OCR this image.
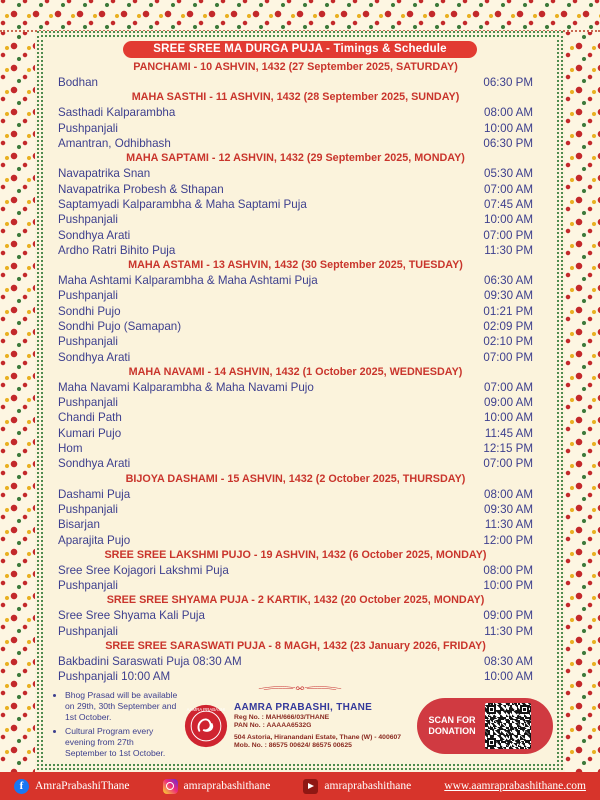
SREE SREE MA DURGA PUJA - Timings & Schedule
PANCHAMI - 10 ASHVIN, 1432 (27 September 2025, SATURDAY)
Bodhan	06:30 PM
MAHA SASTHI - 11 ASHVIN, 1432 (28 September 2025, SUNDAY)
Sasthadi Kalparambha	08:00 AM
Pushpanjali	10:00 AM
Amantran, Odhibhash	06:30 PM
MAHA SAPTAMI - 12 ASHVIN, 1432 (29 September 2025, MONDAY)
Navapatrika Snan	05:30 AM
Navapatrika Probesh & Sthapan	07:00 AM
Saptamyadi Kalparambha & Maha Saptami Puja	07:45 AM
Pushpanjali	10:00 AM
Sondhya Arati	07:00 PM
Ardho Ratri Bihito Puja	11:30 PM
MAHA ASTAMI - 13 ASHVIN, 1432 (30 September 2025, TUESDAY)
Maha Ashtami Kalparambha & Maha Ashtami Puja	06:30 AM
Pushpanjali	09:30 AM
Sondhi Pujo	01:21 PM
Sondhi Pujo (Samapan)	02:09 PM
Pushpanjali	02:10 PM
Sondhya Arati	07:00 PM
MAHA NAVAMI - 14 ASHVIN, 1432 (1 October 2025, WEDNESDAY)
Maha Navami Kalparambha & Maha Navami Pujo	07:00 AM
Pushpanjali	09:00 AM
Chandi Path	10:00 AM
Kumari Pujo	11:45 AM
Hom	12:15 PM
Sondhya Arati	07:00 PM
BIJOYA DASHAMI - 15 ASHVIN, 1432 (2 October 2025, THURSDAY)
Dashami Puja	08:00 AM
Pushpanjali	09:30 AM
Bisarjan	11:30 AM
Aparajita Pujo	12:00 PM
SREE SREE LAKSHMI PUJO - 19 ASHVIN, 1432 (6 October 2025, MONDAY)
Sree Sree Kojagori Lakshmi Puja	08:00 PM
Pushpanjali	10:00 PM
SREE SREE SHYAMA PUJA - 2 KARTIK, 1432 (20 October 2025, MONDAY)
Sree Sree Shyama Kali Puja	09:00 PM
Pushpanjali	11:30 PM
SREE SREE SARASWATI PUJA - 8 MAGH, 1432 (23 January 2026, FRIDAY)
Bakbadini Saraswati Puja 08:30 AM	08:30 AM
Pushpanjali 10:00 AM	10:00 AM
• Bhog Prasad will be available on 29th, 30th September and 1st October.
• Cultural Program every evening from 27th September to 1st October.
AAMRA PRABASHI AAMRA PRABASHI, THANE
Reg No. : MAH/666/03/THANE
PAN No. : AAAAA6532G
504 Astoria, Hiranandani Estate, Thane (W) - 400607
Mob. No. : 86575 00624/ 86575 00625
SCAN FOR DONATION
f
AmraPrabashiThane	amraprabashithane	amraprabashithane	www.aamraprabashithane.com
